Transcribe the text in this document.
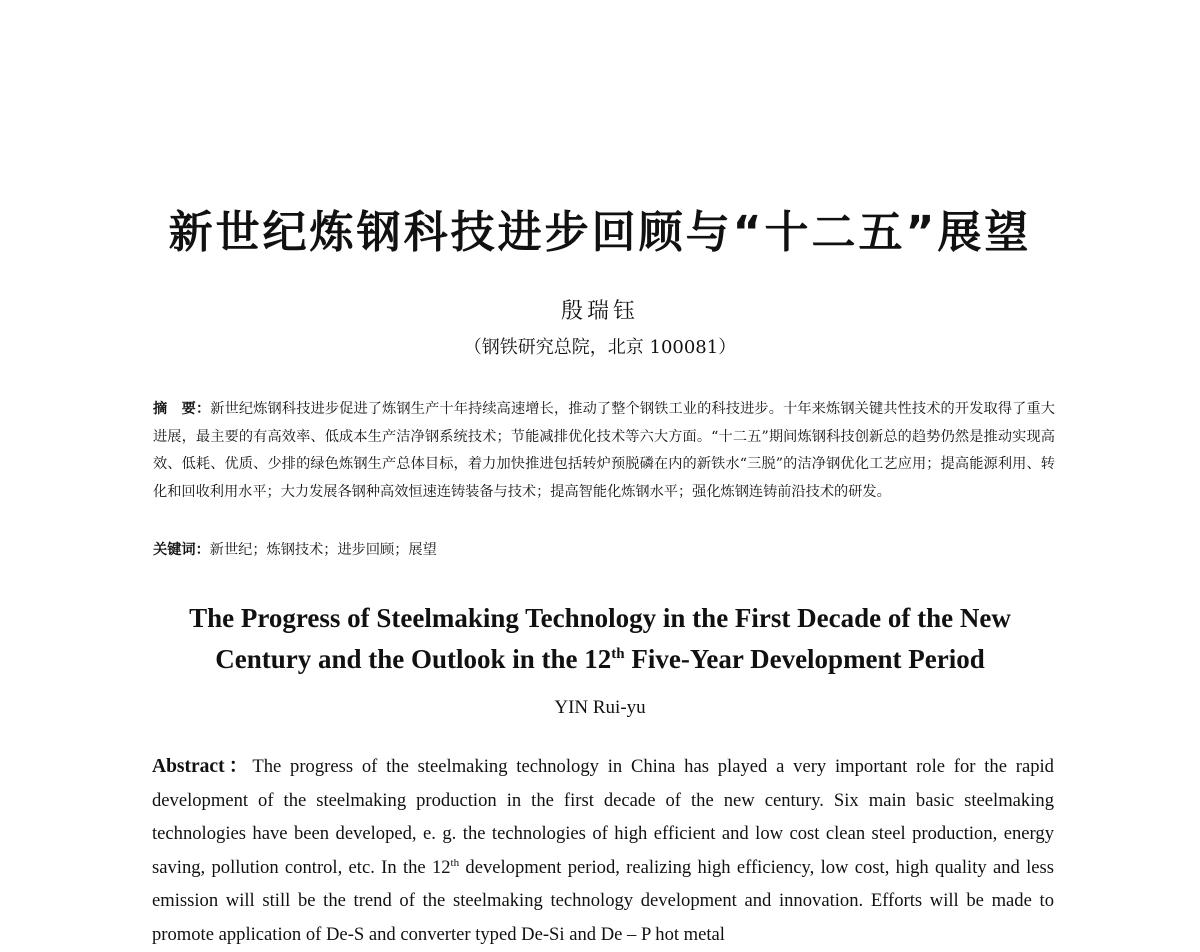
新世纪炼钢科技进步回顾与“十二五”展望

殷瑞钰

（钢铁研究总院，北京 100081）

摘　要：新世纪炼钢科技进步促进了炼钢生产十年持续高速增长，推动了整个钢铁工业的科技进步。十年来炼钢关键共性技术的开发取得了重大进展，最主要的有高效率、低成本生产洁净钢系统技术；节能减排优化技术等六大方面。“十二五”期间炼钢科技创新总的趋势仍然是推动实现高效、低耗、优质、少排的绿色炼钢生产总体目标，着力加快推进包括转炉预脱磷在内的新铁水“三脱”的洁净钢优化工艺应用；提高能源利用、转化和回收利用水平；大力发展各钢种高效恒速连铸装备与技术；提高智能化炼钢水平；强化炼钢连铸前沿技术的研发。

关键词：新世纪；炼钢技术；进步回顾；展望

The Progress of Steelmaking Technology in the First Decade of the New Century and the Outlook in the 12th Five-Year Development Period

YIN Rui-yu

Abstract：The progress of the steelmaking technology in China has played a very important role for the rapid development of the steelmaking production in the first decade of the new century. Six main basic steelmaking technologies have been developed, e. g. the technologies of high efficient and low cost clean steel production, energy saving, pollution control, etc. In the 12th development period, realizing high efficiency, low cost, high quality and less emission will still be the trend of the steelmaking technology development and innovation. Efforts will be made to promote application of De-S and converter typed De-Si and De – P hot metal
